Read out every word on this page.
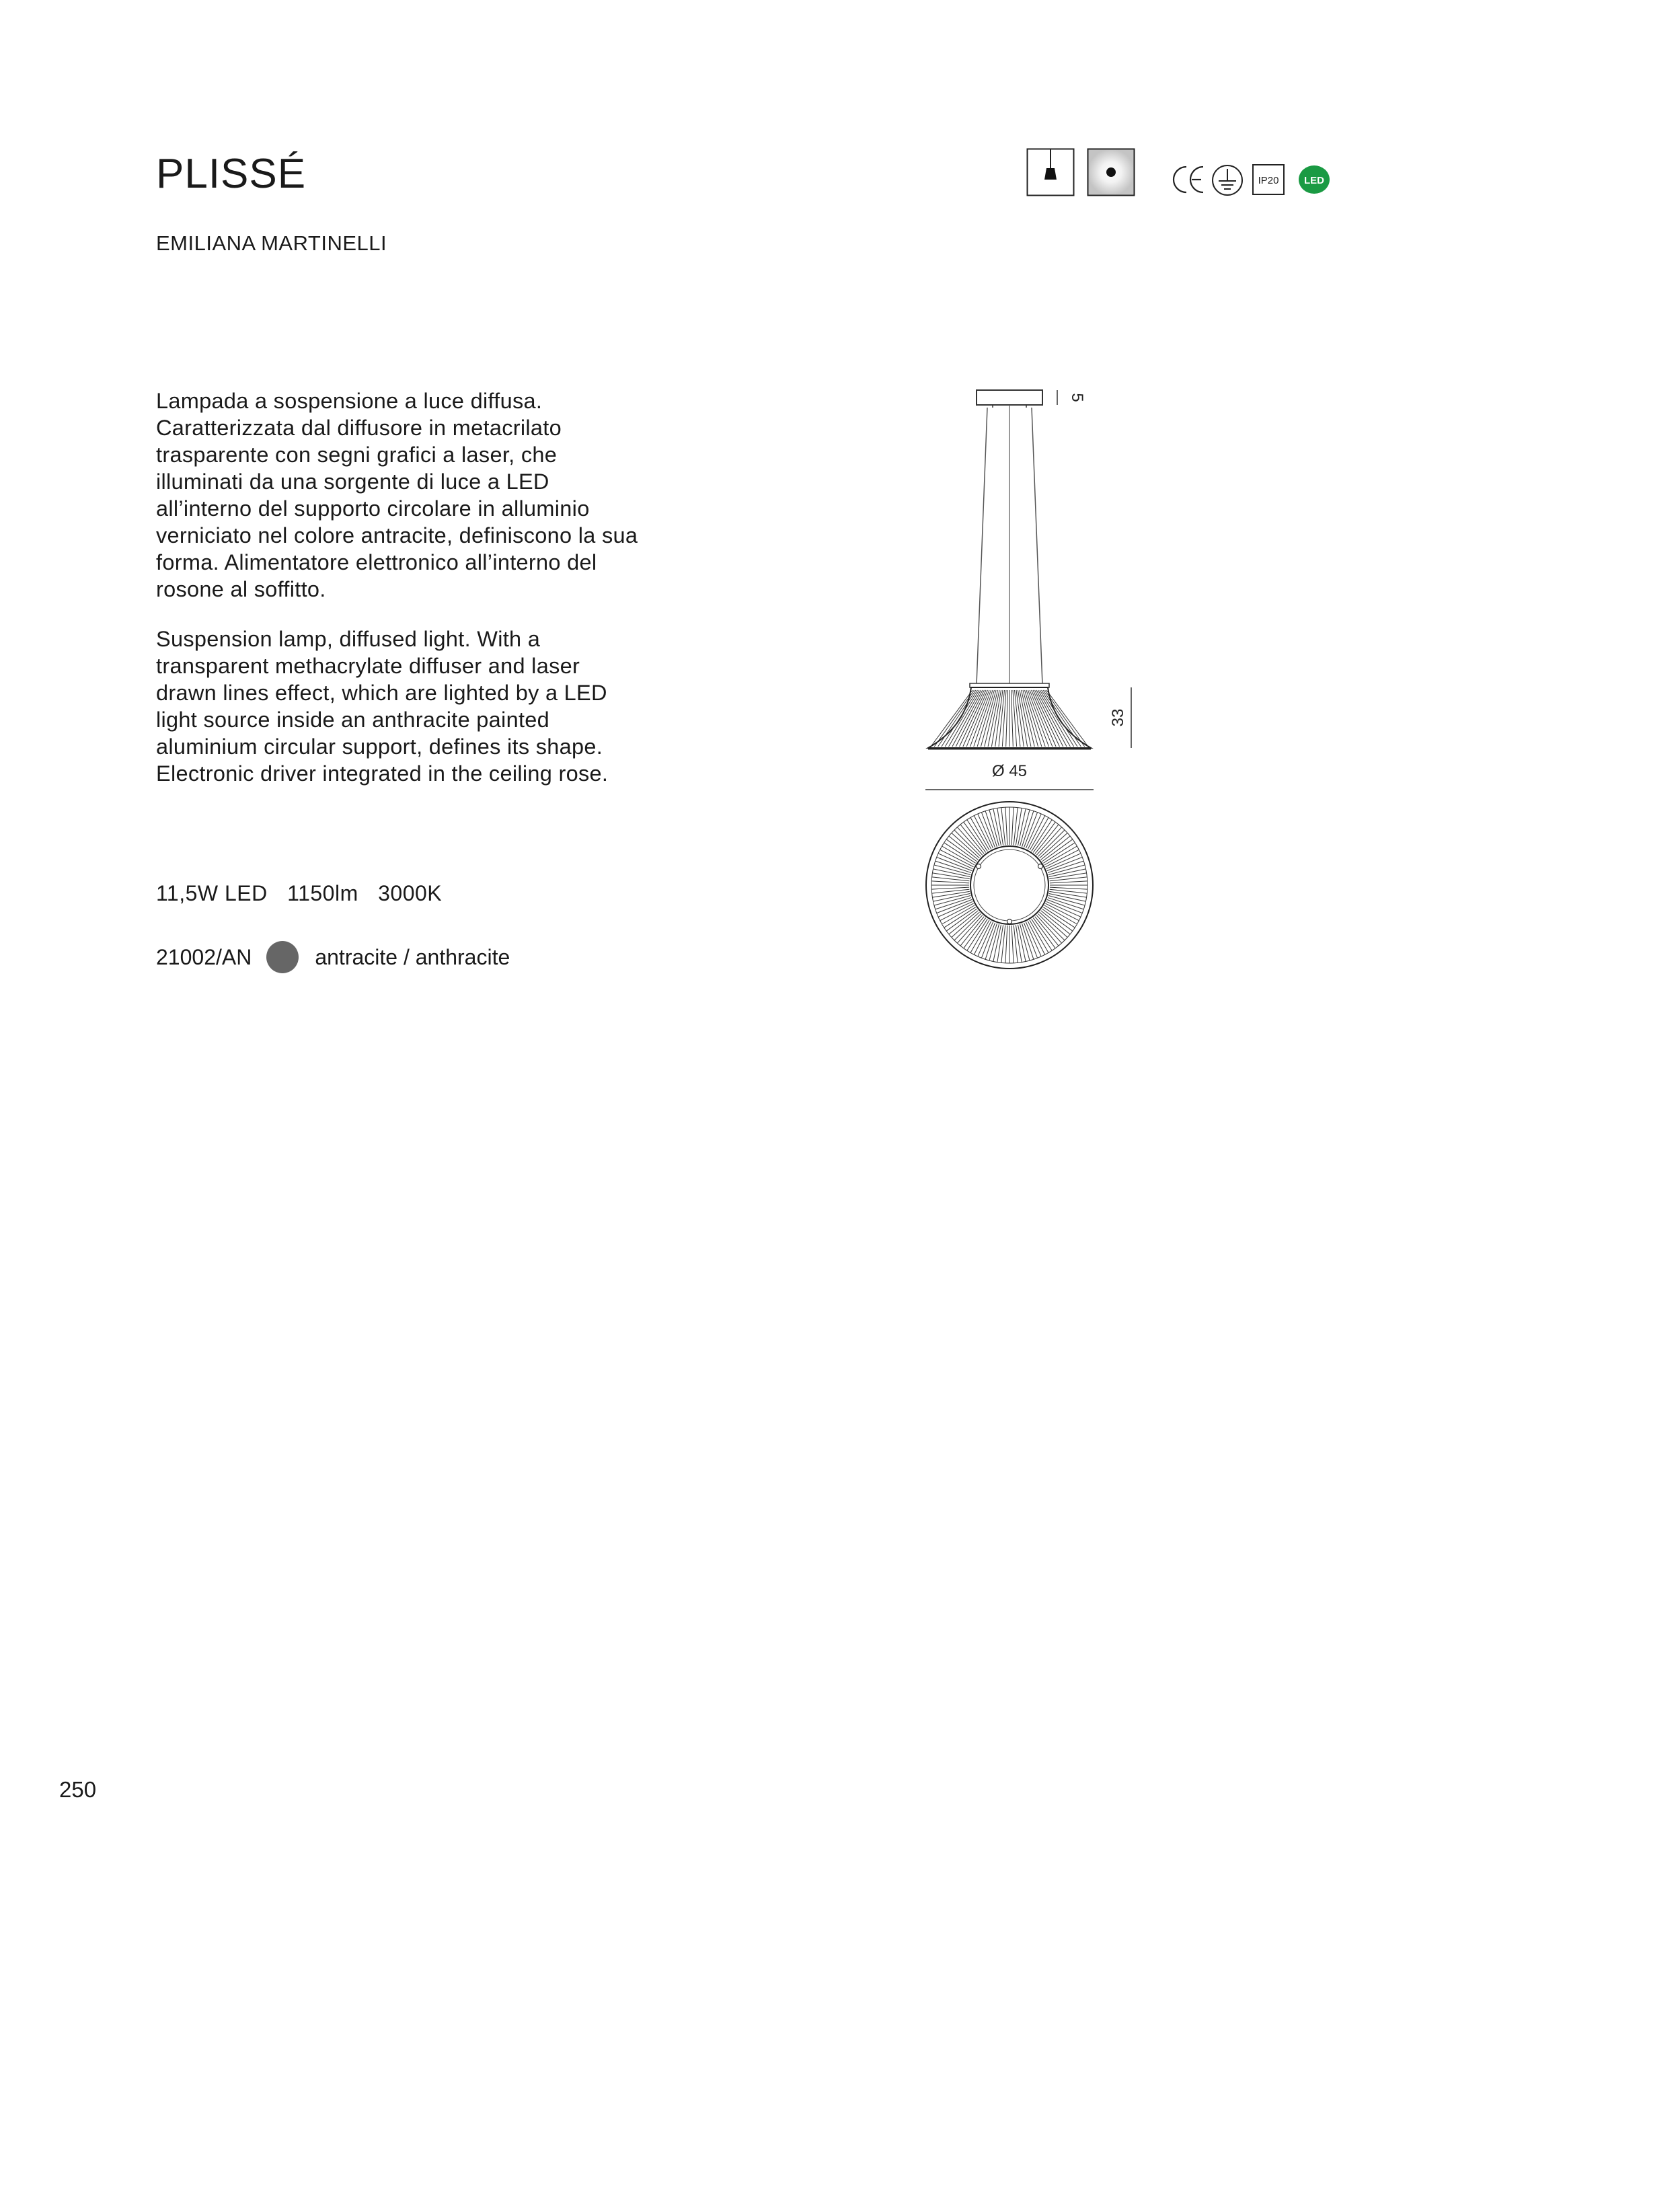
PLISSÉ
EMILIANA MARTINELLI
IP20	LED

Lampada a sospensione a luce diffusa. Caratterizzata dal diffusore in metacrilato trasparente con segni grafici a laser, che illuminati da una sorgente di luce a LED all’interno del supporto circolare in alluminio verniciato nel colore antracite, definiscono la sua forma. Alimentatore elettronico all’interno del rosone al soffitto.

Suspension lamp, diffused light. With a transparent methacrylate diffuser and laser drawn lines effect, which are lighted by a LED light source inside an anthracite painted aluminium circular support, defines its shape. Electronic driver integrated in the ceiling rose.

11,5W LED 1150lm 3000K
21002/AN	antracite / anthracite
5
33
Ø 45
250
